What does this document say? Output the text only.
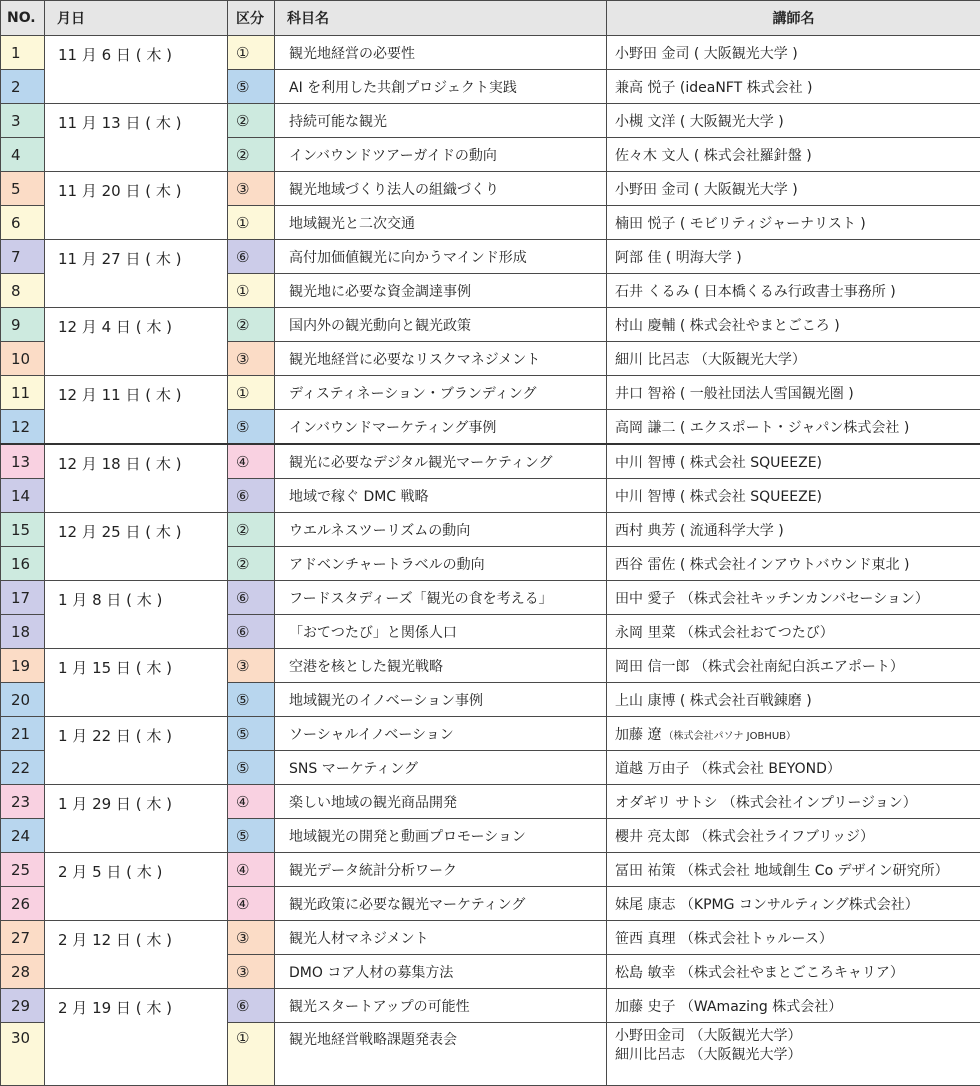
NO.	月日	区分	科目名	講師名
1	11 月 6 日 ( 木 )	①	観光地経営の必要性	小野田 金司 ( 大阪観光大学 )
2		⑤	AI を利用した共創プロジェクト実践	兼高 悦子 (ideaNFT 株式会社 )
3	11 月 13 日 ( 木 )	②	持続可能な観光	小槻 文洋 ( 大阪観光大学 )
4		②	インバウンドツアーガイドの動向	佐々木 文人 ( 株式会社羅針盤 )
5	11 月 20 日 ( 木 )	③	観光地域づくり法人の組織づくり	小野田 金司 ( 大阪観光大学 )
6		①	地域観光と二次交通	楠田 悦子 ( モビリティジャーナリスト )
7	11 月 27 日 ( 木 )	⑥	高付加価値観光に向かうマインド形成	阿部 佳 ( 明海大学 )
8		①	観光地に必要な資金調達事例	石井 くるみ ( 日本橋くるみ行政書士事務所 )
9	12 月 4 日 ( 木 )	②	国内外の観光動向と観光政策	村山 慶輔 ( 株式会社やまとごころ )
10		③	観光地経営に必要なリスクマネジメント	細川 比呂志 （大阪観光大学）
11	12 月 11 日 ( 木 )	①	ディスティネーション・ブランディング	井口 智裕 ( 一般社団法人雪国観光圏 )
12		⑤	インバウンドマーケティング事例	高岡 謙二 ( エクスポート・ジャパン株式会社 )
13	12 月 18 日 ( 木 )	④	観光に必要なデジタル観光マーケティング	中川 智博 ( 株式会社 SQUEEZE)
14		⑥	地域で稼ぐ DMC 戦略	中川 智博 ( 株式会社 SQUEEZE)
15	12 月 25 日 ( 木 )	②	ウエルネスツーリズムの動向	西村 典芳 ( 流通科学大学 )
16		②	アドベンチャートラベルの動向	西谷 雷佐 ( 株式会社インアウトバウンド東北 )
17	1 月 8 日 ( 木 )	⑥	フードスタディーズ「観光の食を考える」	田中 愛子 （株式会社キッチンカンバセーション）
18		⑥	「おてつたび」と関係人口	永岡 里菜 （株式会社おてつたび）
19	1 月 15 日 ( 木 )	③	空港を核とした観光戦略	岡田 信一郎 （株式会社南紀白浜エアポート）
20		⑤	地域観光のイノベーション事例	上山 康博 ( 株式会社百戦錬磨 )
21	1 月 22 日 ( 木 )	⑤	ソーシャルイノベーション	加藤 遼 （株式会社パソナ JOBHUB）
22		⑤	SNS マーケティング	道越 万由子 （株式会社 BEYOND）
23	1 月 29 日 ( 木 )	④	楽しい地域の観光商品開発	オダギリ サトシ （株式会社インプリージョン）
24		⑤	地域観光の開発と動画プロモーション	櫻井 亮太郎 （株式会社ライフブリッジ）
25	2 月 5 日 ( 木 )	④	観光データ統計分析ワーク	冨田 祐策 （株式会社 地域創生 Co デザイン研究所）
26		④	観光政策に必要な観光マーケティング	妹尾 康志 （KPMG コンサルティング株式会社）
27	2 月 12 日 ( 木 )	③	観光人材マネジメント	笹西 真理 （株式会社トゥルース）
28		③	DMO コア人材の募集方法	松島 敏幸 （株式会社やまとごころキャリア）
29	2 月 19 日 ( 木 )	⑥	観光スタートアップの可能性	加藤 史子 （WAmazing 株式会社）
30		①	観光地経営戦略課題発表会	小野田金司 （大阪観光大学）
細川比呂志 （大阪観光大学）
